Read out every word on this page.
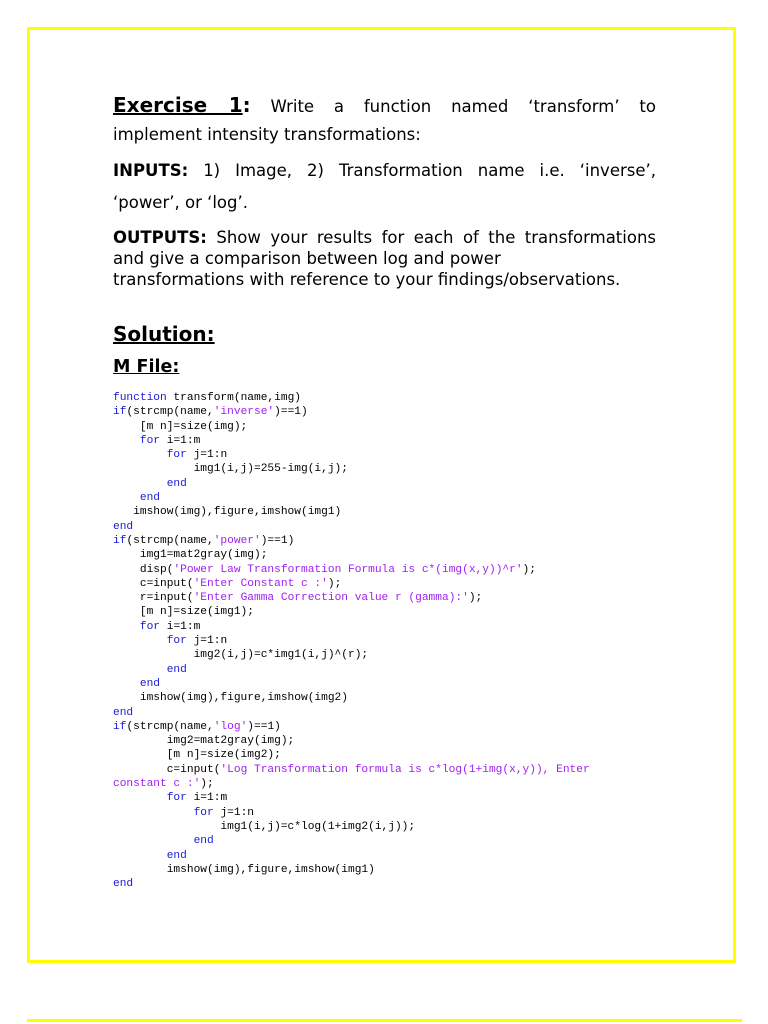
Exercise 1: Write a function named ‘transform’ to

implement intensity transformations:

INPUTS: 1) Image, 2) Transformation name i.e. ‘inverse’,

‘power’, or ‘log’.

OUTPUTS: Show your results for each of the transformations
and give a comparison between log and power
transformations with reference to your findings/observations.

Solution:

M File:

function transform(name,img)
if(strcmp(name,'inverse')==1)
[m n]=size(img);
for i=1:m
for j=1:n
img1(i,j)=255-img(i,j);
end
end
imshow(img),figure,imshow(img1)
end
if(strcmp(name,'power')==1)
img1=mat2gray(img);
disp('Power Law Transformation Formula is c*(img(x,y))^r');
c=input('Enter Constant c :');
r=input('Enter Gamma Correction value r (gamma):');
[m n]=size(img1);
for i=1:m
for j=1:n
img2(i,j)=c*img1(i,j)^(r);
end
end
imshow(img),figure,imshow(img2)
end
if(strcmp(name,'log')==1)
img2=mat2gray(img);
[m n]=size(img2);
c=input('Log Transformation formula is c*log(1+img(x,y)), Enter
constant c :');
for i=1:m
for j=1:n
img1(i,j)=c*log(1+img2(i,j));
end
end
imshow(img),figure,imshow(img1)
end
